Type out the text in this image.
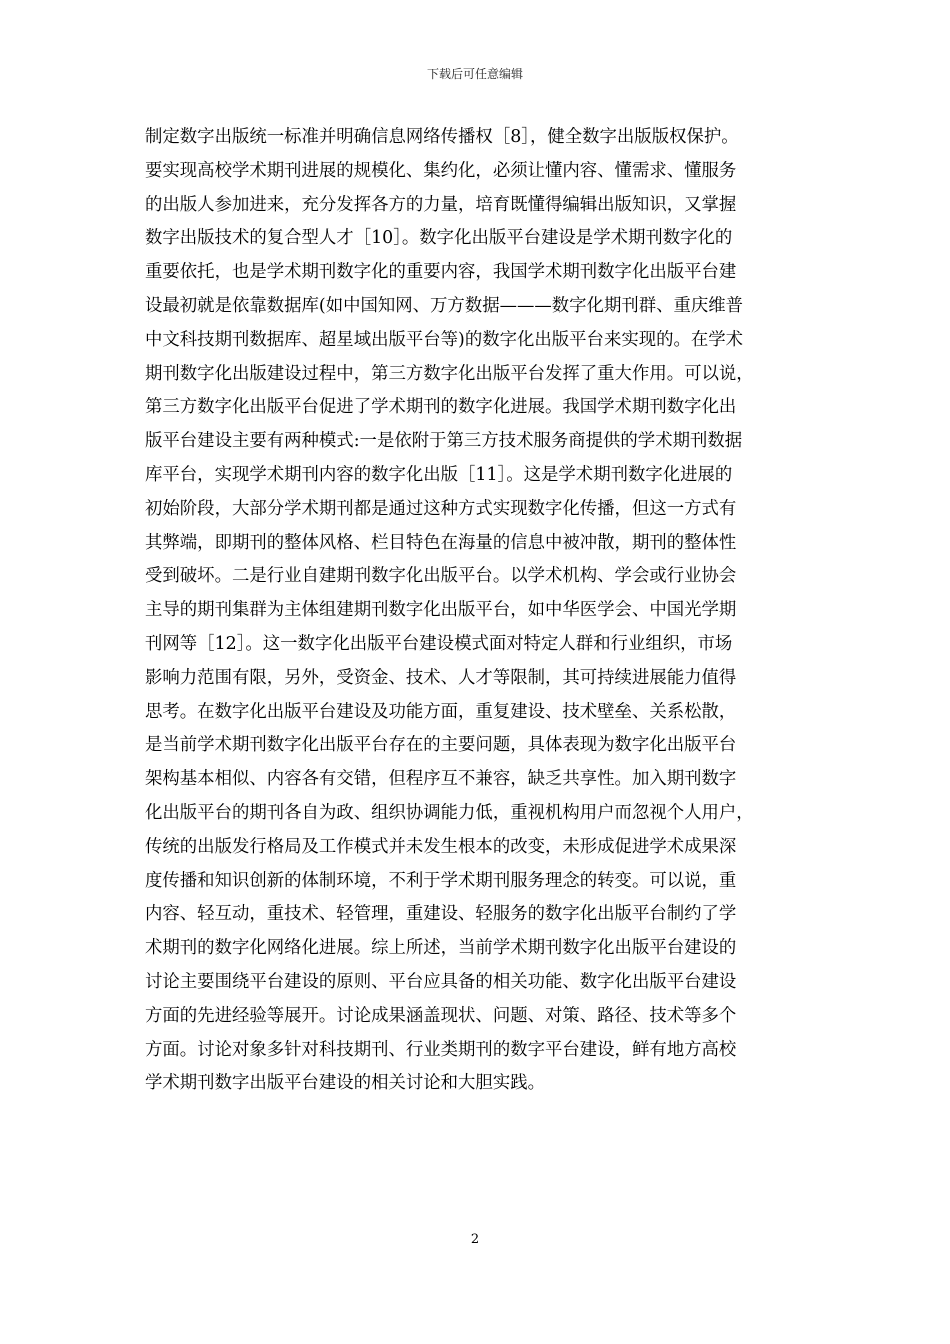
下载后可任意编辑
制定数字出版统一标准并明确信息网络传播权［8］，健全数字出版版权保护。
要实现高校学术期刊进展的规模化、集约化，必须让懂内容、懂需求、懂服务
的出版人参加进来，充分发挥各方的力量，培育既懂得编辑出版知识，又掌握
数字出版技术的复合型人才［10］。数字化出版平台建设是学术期刊数字化的
重要依托，也是学术期刊数字化的重要内容，我国学术期刊数字化出版平台建
设最初就是依靠数据库(如中国知网、万方数据———数字化期刊群、重庆维普
中文科技期刊数据库、超星域出版平台等)的数字化出版平台来实现的。在学术
期刊数字化出版建设过程中，第三方数字化出版平台发挥了重大作用。可以说，
第三方数字化出版平台促进了学术期刊的数字化进展。我国学术期刊数字化出
版平台建设主要有两种模式:一是依附于第三方技术服务商提供的学术期刊数据
库平台，实现学术期刊内容的数字化出版［11］。这是学术期刊数字化进展的
初始阶段，大部分学术期刊都是通过这种方式实现数字化传播，但这一方式有
其弊端，即期刊的整体风格、栏目特色在海量的信息中被冲散，期刊的整体性
受到破坏。二是行业自建期刊数字化出版平台。以学术机构、学会或行业协会
主导的期刊集群为主体组建期刊数字化出版平台，如中华医学会、中国光学期
刊网等［12］。这一数字化出版平台建设模式面对特定人群和行业组织，市场
影响力范围有限，另外，受资金、技术、人才等限制，其可持续进展能力值得
思考。在数字化出版平台建设及功能方面，重复建设、技术壁垒、关系松散，
是当前学术期刊数字化出版平台存在的主要问题，具体表现为数字化出版平台
架构基本相似、内容各有交错，但程序互不兼容，缺乏共享性。加入期刊数字
化出版平台的期刊各自为政、组织协调能力低，重视机构用户而忽视个人用户，
传统的出版发行格局及工作模式并未发生根本的改变，未形成促进学术成果深
度传播和知识创新的体制环境，不利于学术期刊服务理念的转变。可以说，重
内容、轻互动，重技术、轻管理，重建设、轻服务的数字化出版平台制约了学
术期刊的数字化网络化进展。综上所述，当前学术期刊数字化出版平台建设的
讨论主要围绕平台建设的原则、平台应具备的相关功能、数字化出版平台建设
方面的先进经验等展开。讨论成果涵盖现状、问题、对策、路径、技术等多个
方面。讨论对象多针对科技期刊、行业类期刊的数字平台建设，鲜有地方高校
学术期刊数字出版平台建设的相关讨论和大胆实践。
2
